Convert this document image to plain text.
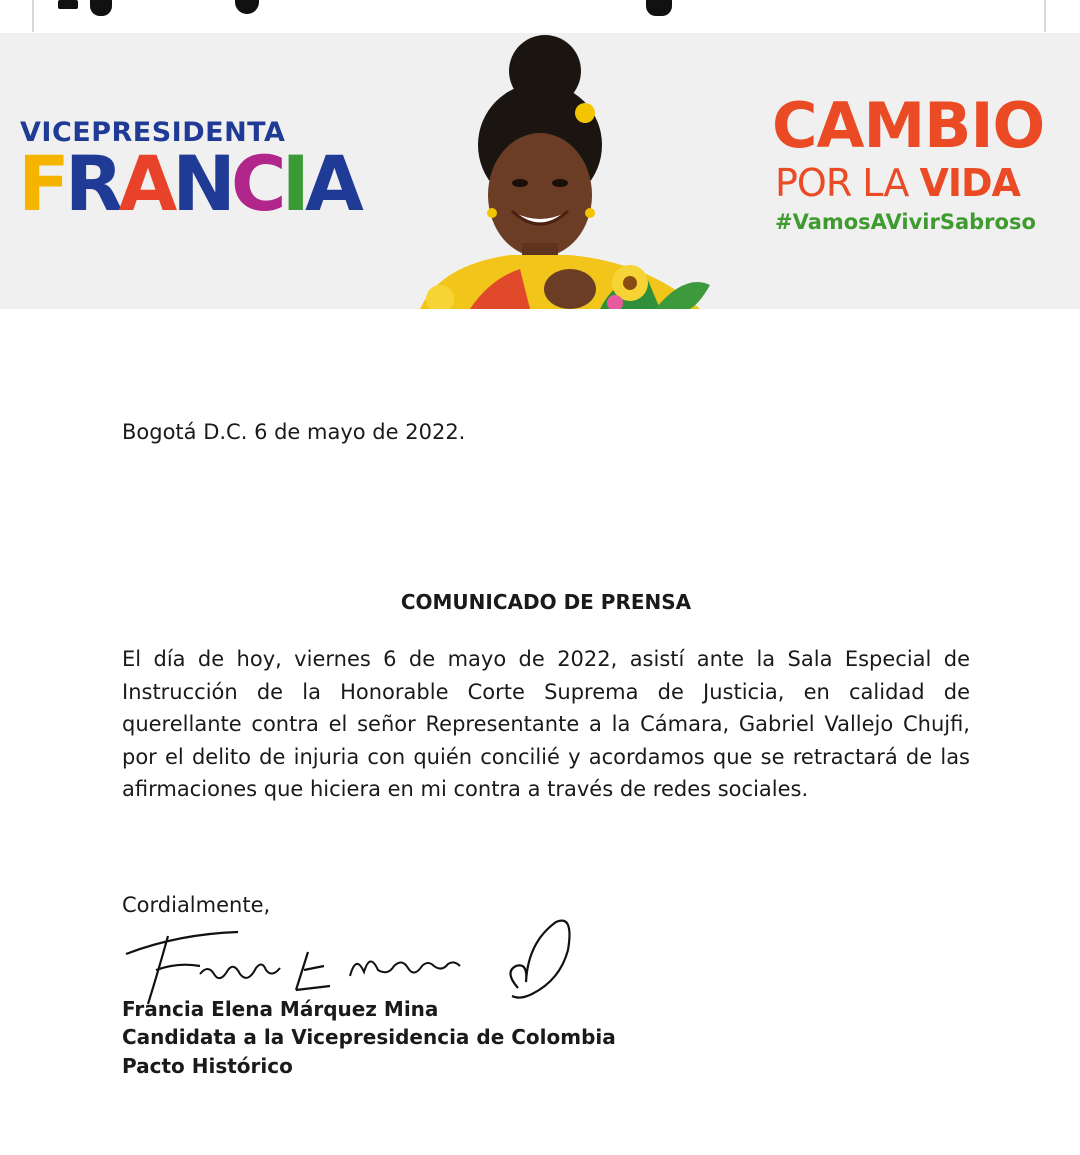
VICEPRESIDENTA
F R A N C I A
CAMBIO
POR LA VIDA
#VamosAVivirSabroso
Bogotá D.C. 6 de mayo de 2022.
COMUNICADO DE PRENSA
El día de hoy, viernes 6 de mayo de 2022, asistí ante la Sala Especial de Instrucción de la Honorable Corte Suprema de Justicia, en calidad de querellante contra el señor Representante a la Cámara, Gabriel Vallejo Chujfi, por el delito de injuria con quién concilié y acordamos que se retractará de las afirmaciones que hiciera en mi contra a través de redes sociales.
Cordialmente,
Francia Elena Márquez Mina
Candidata a la Vicepresidencia de Colombia
Pacto Histórico
